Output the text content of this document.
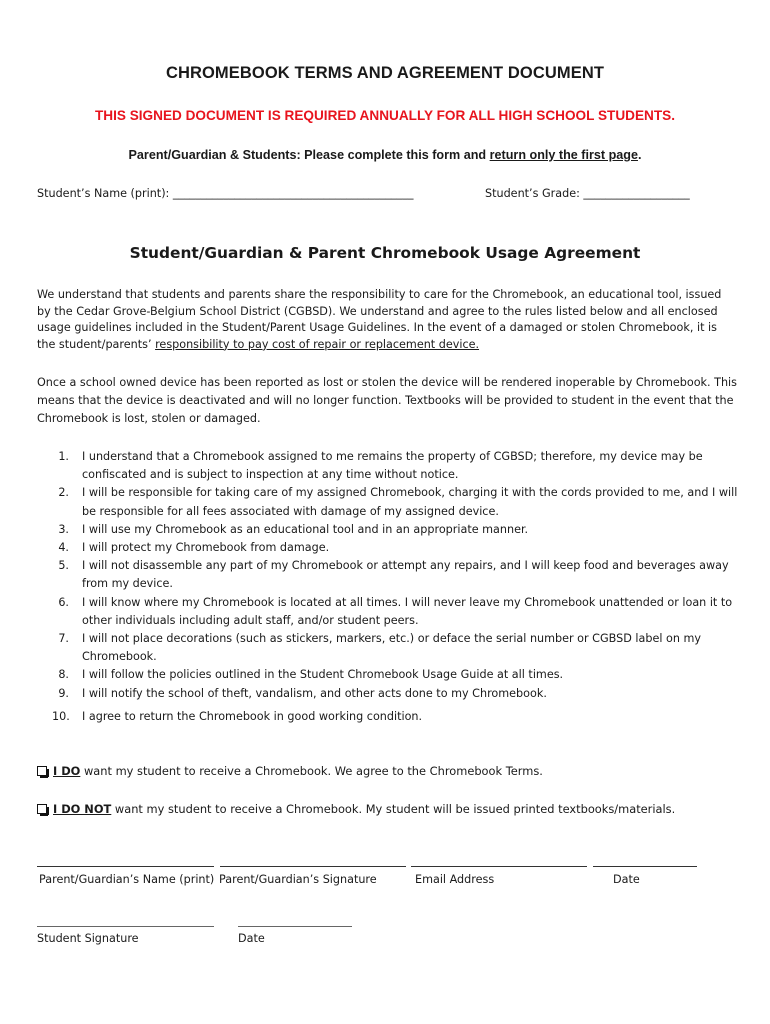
CHROMEBOOK TERMS AND AGREEMENT DOCUMENT
THIS SIGNED DOCUMENT IS REQUIRED ANNUALLY FOR ALL HIGH SCHOOL STUDENTS.
Parent/Guardian & Students: Please complete this form and return only the first page.
Student’s Name (print): ___________________________________________	Student’s Grade: ___________________
Student/Guardian & Parent Chromebook Usage Agreement
We understand that students and parents share the responsibility to care for the Chromebook, an educational tool, issued by the Cedar Grove-Belgium School District (CGBSD). We understand and agree to the rules listed below and all enclosed usage guidelines included in the Student/Parent Usage Guidelines. In the event of a damaged or stolen Chromebook, it is the student/parents’ responsibility to pay cost of repair or replacement device.
Once a school owned device has been reported as lost or stolen the device will be rendered inoperable by Chromebook. This means that the device is deactivated and will no longer function. Textbooks will be provided to student in the event that the Chromebook is lost, stolen or damaged.
1. I understand that a Chromebook assigned to me remains the property of CGBSD; therefore, my device may be confiscated and is subject to inspection at any time without notice.
2. I will be responsible for taking care of my assigned Chromebook, charging it with the cords provided to me, and I will be responsible for all fees associated with damage of my assigned device.
3. I will use my Chromebook as an educational tool and in an appropriate manner.
4. I will protect my Chromebook from damage.
5. I will not disassemble any part of my Chromebook or attempt any repairs, and I will keep food and beverages away from my device.
6. I will know where my Chromebook is located at all times. I will never leave my Chromebook unattended or loan it to other individuals including adult staff, and/or student peers.
7. I will not place decorations (such as stickers, markers, etc.) or deface the serial number or CGBSD label on my Chromebook.
8. I will follow the policies outlined in the Student Chromebook Usage Guide at all times.
9. I will notify the school of theft, vandalism, and other acts done to my Chromebook.
10. I agree to return the Chromebook in good working condition.
I DO want my student to receive a Chromebook. We agree to the Chromebook Terms.
I DO NOT want my student to receive a Chromebook. My student will be issued printed textbooks/materials.
Parent/Guardian’s Name (print) Parent/Guardian’s Signature	Email Address	Date
Student Signature	Date
